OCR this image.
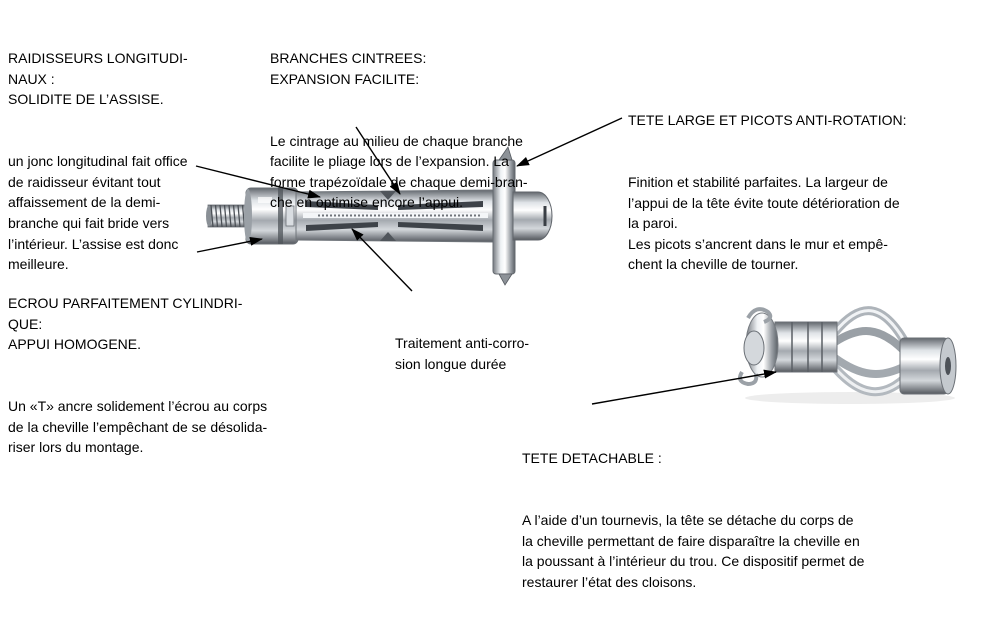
RAIDISSEURS LONGITUDI-
NAUX :
SOLIDITE DE L’ASSISE.

un jonc longitudinal fait office
de raidisseur évitant tout
affaissement de la demi-
branche qui fait bride vers
l’intérieur. L’assise est donc
meilleure.

BRANCHES CINTREES:
EXPANSION FACILITE:

Le cintrage au milieu de chaque branche
facilite le pliage lors de l’expansion. La
forme trapézoïdale de chaque demi-bran-
che en optimise encore l’appui.

TETE LARGE ET PICOTS ANTI-ROTATION:

Finition et stabilité parfaites. La largeur de
l’appui de la tête évite toute détérioration de
la paroi.
Les picots s’ancrent dans le mur et empê-
chent la cheville de tourner.

ECROU PARFAITEMENT CYLINDRI-
QUE:
APPUI HOMOGENE.

Un «T» ancre solidement l’écrou au corps
de la cheville l’empêchant de se désolida-
riser lors du montage.

Traitement anti-corro-
sion longue durée

TETE DETACHABLE :

A l’aide d’un tournevis, la tête se détache du corps de
la cheville permettant de faire disparaître la cheville en
la poussant à l’intérieur du trou. Ce dispositif permet de
restaurer l’état des cloisons.
